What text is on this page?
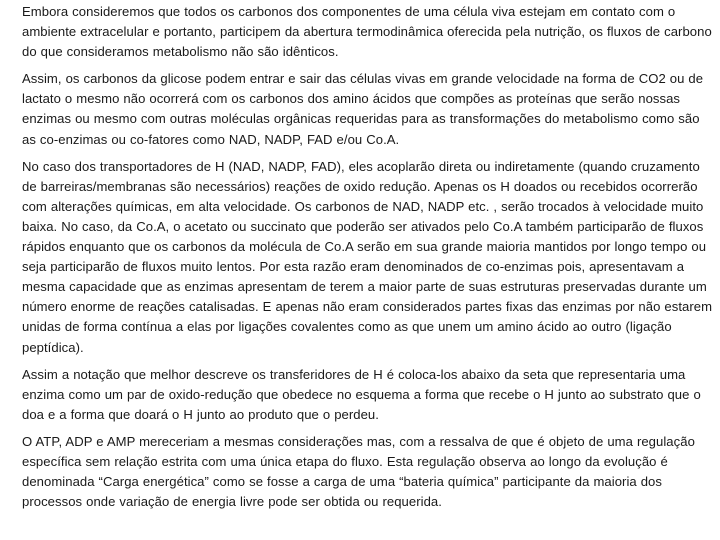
Embora consideremos que todos os carbonos dos componentes de uma célula viva estejam em contato com o ambiente extracelular e portanto, participem da abertura termodinâmica oferecida pela nutrição, os fluxos de carbono do que consideramos metabolismo não são idênticos.

Assim, os carbonos da glicose podem entrar e sair das células vivas em grande velocidade na forma de CO2 ou de lactato o mesmo não ocorrerá com os carbonos dos amino ácidos que compões as proteínas que serão nossas enzimas ou mesmo com outras moléculas orgânicas requeridas para as transformações do metabolismo como são as co-enzimas ou co-fatores como NAD, NADP, FAD e/ou Co.A.

No caso dos transportadores de H (NAD, NADP, FAD), eles acoplarão direta ou indiretamente (quando cruzamento de barreiras/membranas são necessários) reações de oxido redução. Apenas os H doados ou recebidos ocorrerão com alterações químicas, em alta velocidade. Os carbonos de NAD, NADP etc. , serão trocados à velocidade muito baixa. No caso, da Co.A, o acetato ou succinato que poderão ser ativados pelo Co.A também participarão de fluxos rápidos enquanto que os carbonos da molécula de Co.A serão em sua grande maioria mantidos por longo tempo ou seja participarão de fluxos muito lentos. Por esta razão eram denominados de co-enzimas pois, apresentavam a mesma capacidade que as enzimas apresentam de terem a maior parte de suas estruturas preservadas durante um número enorme de reações catalisadas. E apenas não eram considerados partes fixas das enzimas por não estarem unidas de forma contínua a elas por ligações covalentes como as que unem um amino ácido ao outro (ligação peptídica).

Assim a notação que melhor descreve os transferidores de H é coloca-los abaixo da seta que representaria uma enzima como um par de oxido-redução que obedece no esquema a forma que recebe o H junto ao substrato que o doa e a forma que doará o H junto ao produto que o perdeu.

O ATP, ADP e AMP mereceriam a mesmas considerações mas, com a ressalva de que é objeto de uma regulação específica sem relação estrita com uma única etapa do fluxo. Esta regulação observa ao longo da evolução é denominada “Carga energética” como se fosse a carga de uma “bateria química” participante da maioria dos processos onde variação de energia livre pode ser obtida ou requerida.
